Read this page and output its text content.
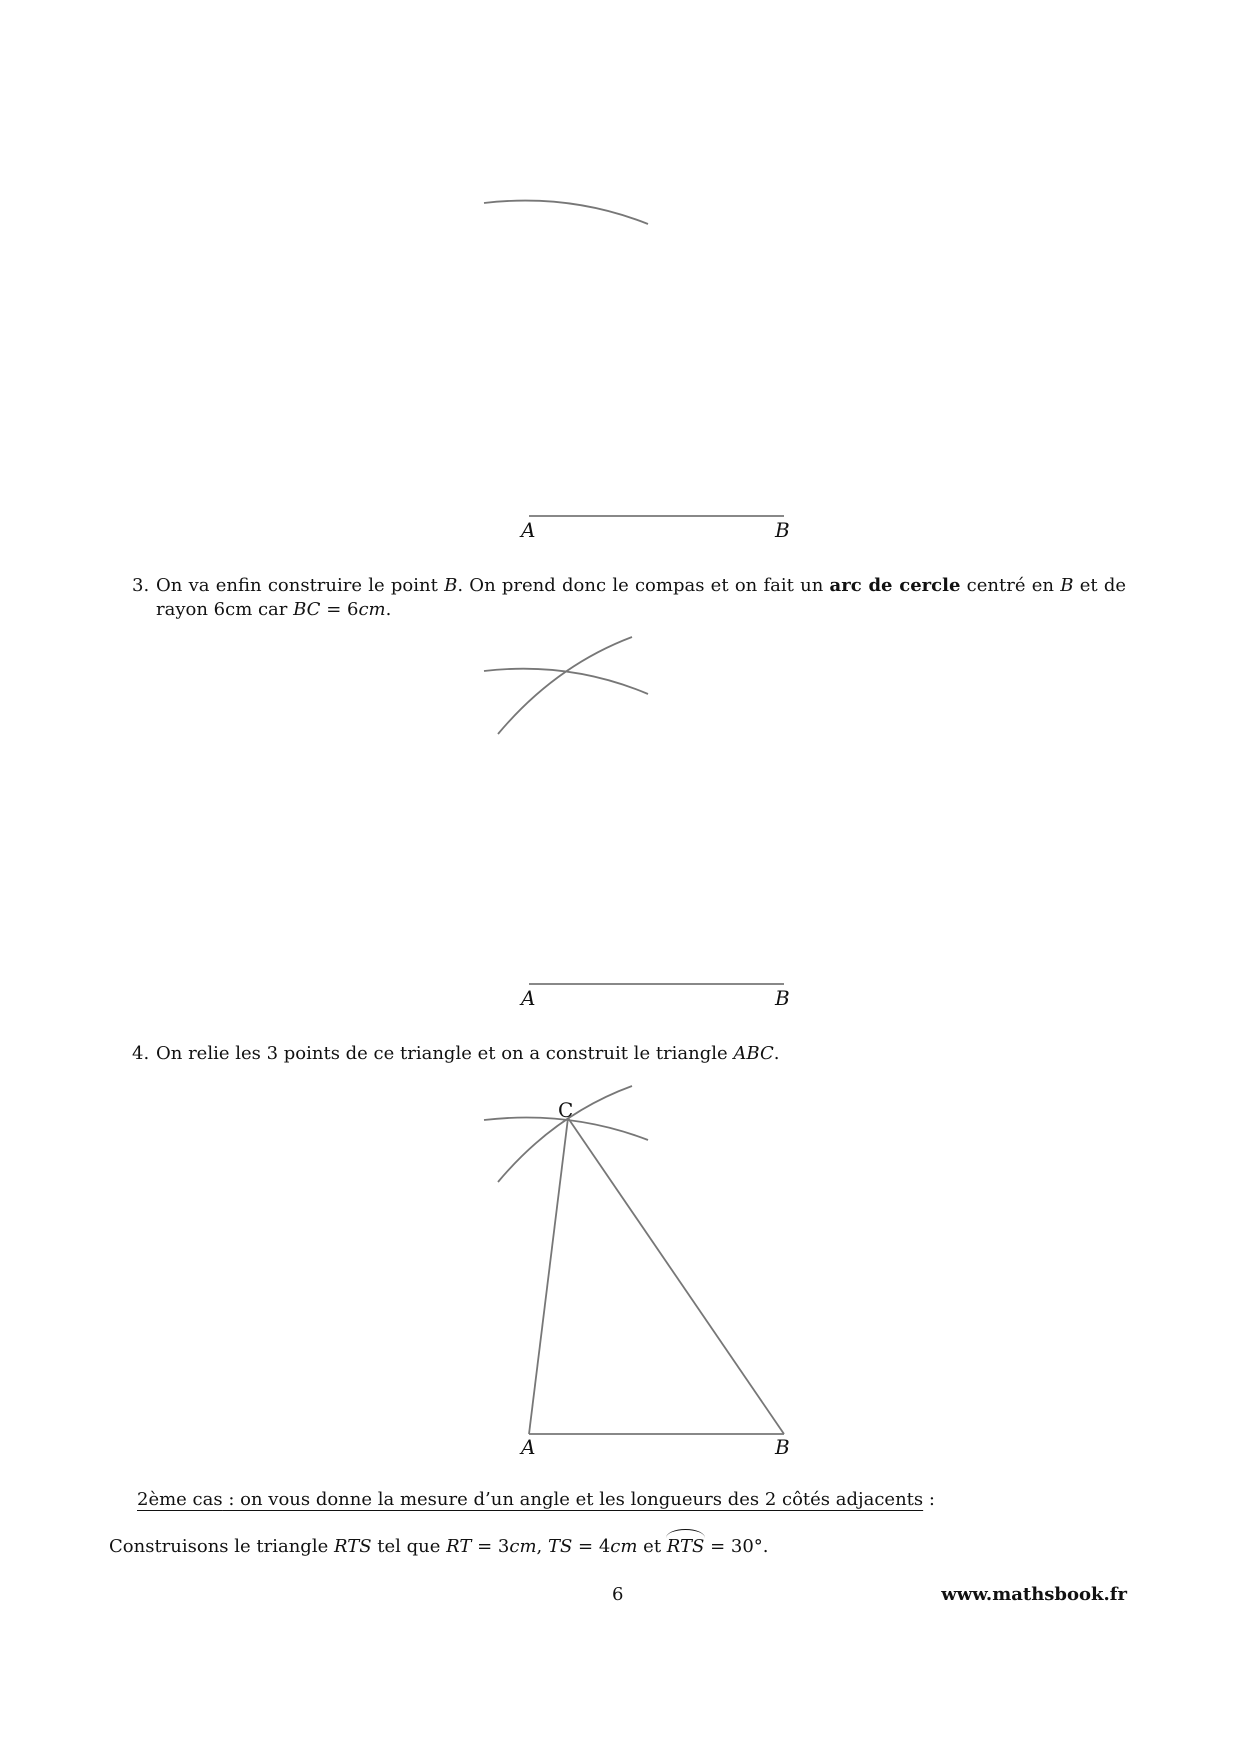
A	B
3. On va enfin construire le point B. On prend donc le compas et on fait un arc de cercle centré en B et de rayon 6cm car BC = 6cm.
A	B
4. On relie les 3 points de ce triangle et on a construit le triangle ABC.
C
A	B
2ème cas : on vous donne la mesure d’un angle et les longueurs des 2 côtés adjacents :
Construisons le triangle RTS tel que RT = 3cm, TS = 4cm et RTS = 30°.
6	www.mathsbook.fr
